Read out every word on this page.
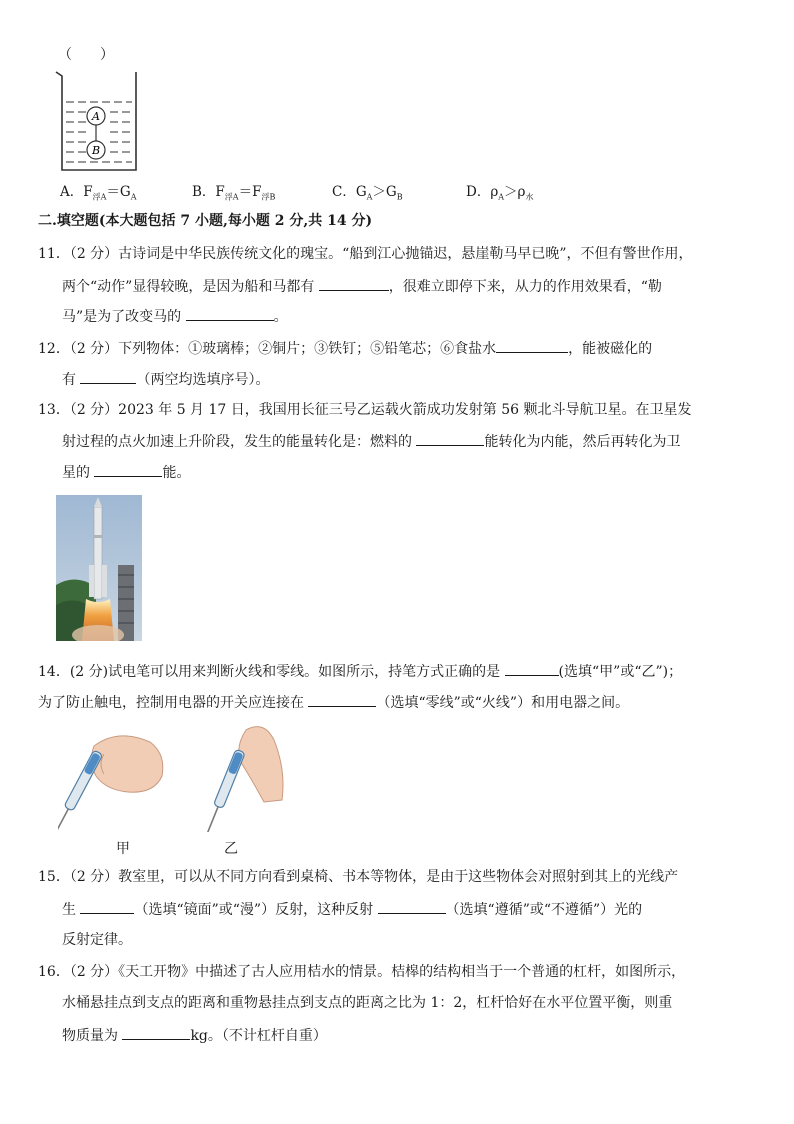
（　　）
A
B
A．$F_{浮A}=G_A$	B．$F_{浮A}=F_{浮B}$	C．$G_A>G_B$	D．$\rho_A>\rho_水$
二.填空题(本大题包括 7 小题,每小题 2 分,共 14 分)
11．（2 分）古诗词是中华民族传统文化的瑰宝。“船到江心抛锚迟，悬崖勒马早已晚”，不但有警世作用，
两个“动作”显得较晚，是因为船和马都有	，很难立即停下来，从力的作用效果看，“勒
马”是为了改变马的	。
12．（2 分）下列物体：①玻璃棒；②铜片；③铁钉；⑤铅笔芯；⑥食盐水	，能被磁化的
有	（两空均选填序号）。
13．（2 分）2023 年 5 月 17 日，我国用长征三号乙运载火箭成功发射第 56 颗北斗导航卫星。在卫星发
射过程的点火加速上升阶段，发生的能量转化是：燃料的	能转化为内能，然后再转化为卫
星的	能。
14．(2 分)试电笔可以用来判断火线和零线。如图所示，持笔方式正确的是	(选填“甲”或“乙”)；
为了防止触电，控制用电器的开关应连接在	（选填“零线”或“火线”）和用电器之间。
甲	乙
15．（2 分）教室里，可以从不同方向看到桌椅、书本等物体，是由于这些物体会对照射到其上的光线产
生	（选填“镜面”或“漫”）反射，这种反射	（选填“遵循”或“不遵循”）光的
反射定律。
16．（2 分）《天工开物》中描述了古人应用桔水的情景。桔槔的结构相当于一个普通的杠杆，如图所示，
水桶悬挂点到支点的距离和重物悬挂点到支点的距离之比为 1：2，杠杆恰好在水平位置平衡，则重
物质量为	kg。（不计杠杆自重）
